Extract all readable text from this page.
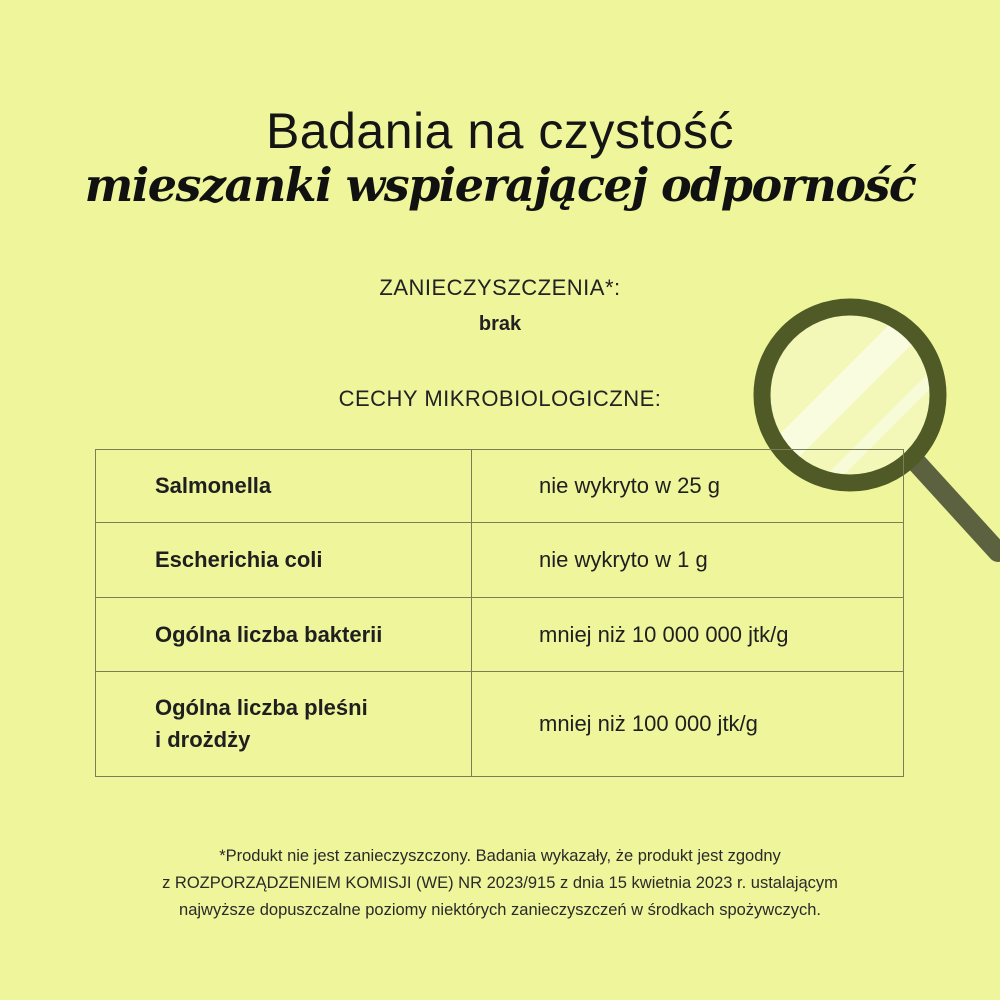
Badania na czystość
mieszanki wspierającej odporność
ZANIECZYSZCZENIA*:
brak
CECHY MIKROBIOLOGICZNE:
Salmonella	nie wykryto w 25 g
Escherichia coli	nie wykryto w 1 g
Ogólna liczba bakterii	mniej niż 10 000 000 jtk/g
Ogólna liczba pleśni
i drożdży	mniej niż 100 000 jtk/g
*Produkt nie jest zanieczyszczony. Badania wykazały, że produkt jest zgodny
z ROZPORZĄDZENIEM KOMISJI (WE) NR 2023/915 z dnia 15 kwietnia 2023 r. ustalającym
najwyższe dopuszczalne poziomy niektórych zanieczyszczeń w środkach spożywczych.
